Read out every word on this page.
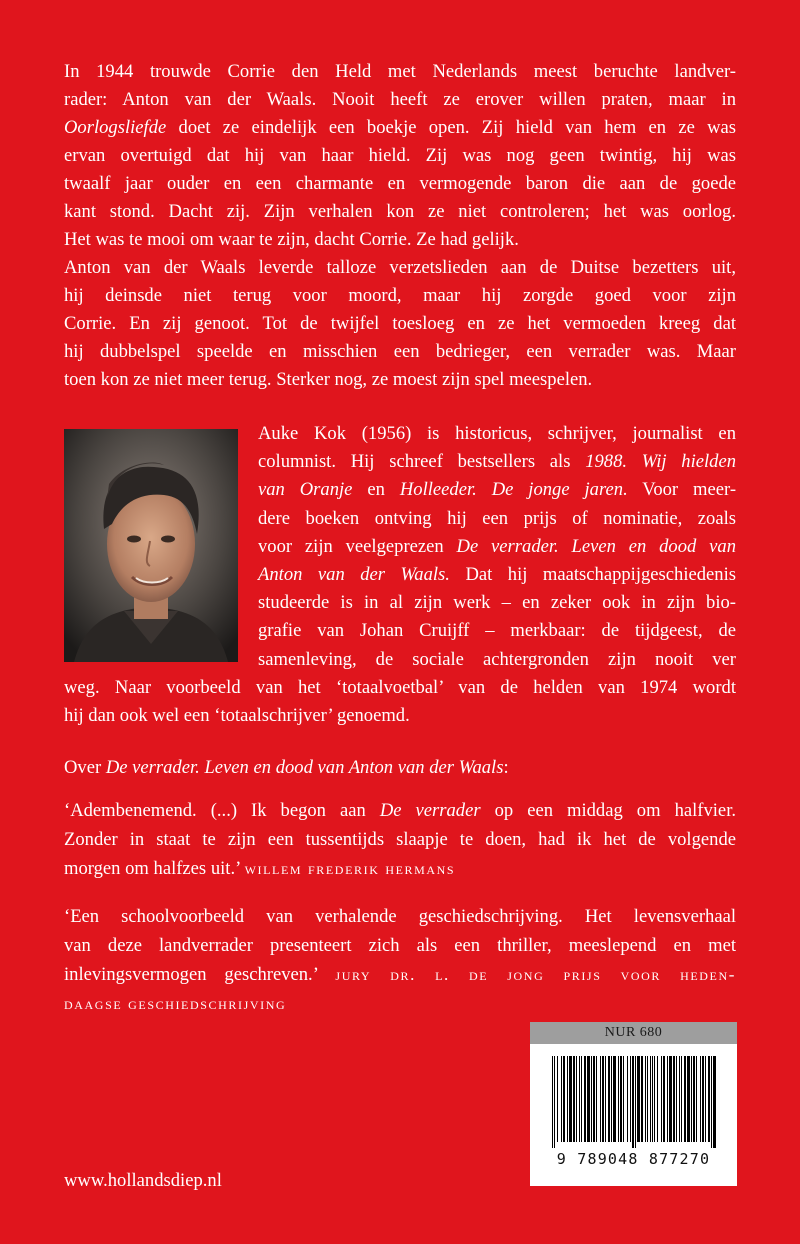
In 1944 trouwde Corrie den Held met Nederlands meest beruchte landver-

rader: Anton van der Waals. Nooit heeft ze erover willen praten, maar in

Oorlogsliefde doet ze eindelijk een boekje open. Zij hield van hem en ze was

ervan overtuigd dat hij van haar hield. Zij was nog geen twintig, hij was

twaalf jaar ouder en een charmante en vermogende baron die aan de goede

kant stond. Dacht zij. Zijn verhalen kon ze niet controleren; het was oorlog.

Het was te mooi om waar te zijn, dacht Corrie. Ze had gelijk.

Anton van der Waals leverde talloze verzetslieden aan de Duitse bezetters uit,

hij deinsde niet terug voor moord, maar hij zorgde goed voor zijn

Corrie. En zij genoot. Tot de twijfel toesloeg en ze het vermoeden kreeg dat

hij dubbelspel speelde en misschien een bedrieger, een verrader was. Maar

toen kon ze niet meer terug. Sterker nog, ze moest zijn spel meespelen.

Auke Kok (1956) is historicus, schrijver, journalist en
columnist. Hij schreef bestsellers als 1988. Wij hielden
van Oranje en Holleeder. De jonge jaren. Voor meer-
dere boeken ontving hij een prijs of nominatie, zoals
voor zijn veelgeprezen De verrader. Leven en dood van
Anton van der Waals. Dat hij maatschappijgeschiedenis
studeerde is in al zijn werk – en zeker ook in zijn bio-
grafie van Johan Cruijff – merkbaar: de tijdgeest, de
samenleving, de sociale achtergronden zijn nooit ver

weg. Naar voorbeeld van het ‘totaalvoetbal’ van de helden van 1974 wordt
hij dan ook wel een ‘totaalschrijver’ genoemd.

Over De verrader. Leven en dood van Anton van der Waals:
‘Adembenemend. (...) Ik begon aan De verrader op een middag om halfvier.
Zonder in staat te zijn een tussentijds slaapje te doen, had ik het de volgende
morgen om halfzes uit.’ willem frederik hermans
‘Een schoolvoorbeeld van verhalende geschiedschrijving. Het levensverhaal
van deze landverrader presenteert zich als een thriller, meeslepend en met
inlevingsvermogen geschreven.’ jury dr. l. de jong prijs voor heden-
daagse geschiedschrijving
NUR 680
9 789048 877270
www.hollandsdiep.nl
